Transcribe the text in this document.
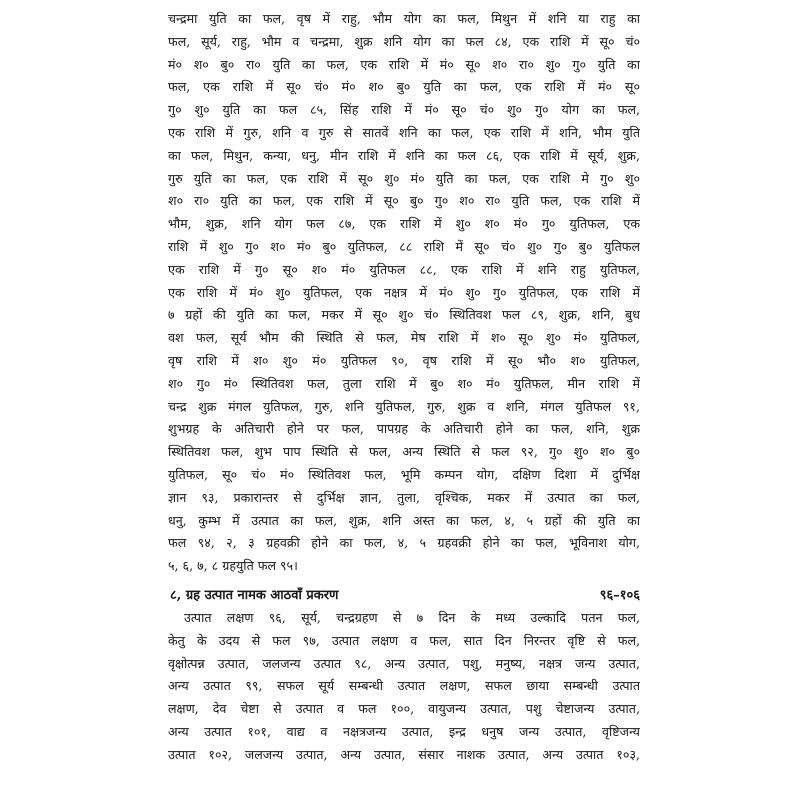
चन्द्रमा युति का फल, वृष में राहु, भौम योग का फल, मिथुन में शनि या राहु का
फल, सूर्य, राहु, भौम व चन्द्रमा, शुक्र शनि योग का फल ८४, एक राशि में सू० चं०
मं० श० बु० रा० युति का फल, एक राशि में मं० सू० श० रा० शु० गु० युति का
फल, एक राशि में सू० चं० मं० श० बु० युति का फल, एक राशि में मं० सू०
गु० शु० युति का फल ८५, सिंह राशि में मं० सू० चं० शु० गु० योग का फल,
एक राशि में गुरु, शनि व गुरु से सातवें शनि का फल, एक राशि में शनि, भौम युति
का फल, मिथुन, कन्या, धनु, मीन राशि में शनि का फल ८६, एक राशि में सूर्य, शुक्र,
गुरु युति का फल, एक राशि में सू० शु० मं० युति का फल, एक राशि मे गु० शु०
श० रा० युति का फल, एक राशि में सू० बु० गु० श० रा० युति फल, एक राशि में
भौम, शुक्र, शनि योग फल ८७, एक राशि में शु० श० मं० गु० युतिफल, एक
राशि में शु० गु० श० मं० बु० युतिफल, ८८ राशि में सू० चं० शु० गु० बु० युतिफल
एक राशि में गु० सू० श० मं० युतिफल ८८, एक राशि में शनि राहु युतिफल,
एक राशि में मं० शु० युतिफल, एक नक्षत्र में मं० शु० गु० युतिफल, एक राशि में
७ ग्रहों की युति का फल, मकर में सू० शु० चं० स्थितिवश फल ८९, शुक्र, शनि, बुध
वश फल, सूर्य भौम की स्थिति से फल, मेष राशि में श० सू० शु० मं० युतिफल,
वृष राशि में श० शु० मं० युतिफल ९०, वृष राशि में सू० भौ० श० युतिफल,
श० गु० मं० स्थितिवश फल, तुला राशि में बु० श० मं० युतिफल, मीन राशि में
चन्द्र शुक्र मंगल युतिफल, गुरु, शनि युतिफल, गुरु, शुक्र व शनि, मंगल युतिफल ९१,
शुभग्रह के अतिचारी होने पर फल, पापग्रह के अतिचारी होने का फल, शनि, शुक्र
स्थितिवश फल, शुभ पाप स्थिति से फल, अन्य स्थिति से फल ९२, गु० शु० श० बु०
युतिफल, सू० चं० मं० स्थितिवश फल, भूमि कम्पन योग, दक्षिण दिशा में दुर्भिक्ष
ज्ञान ९३, प्रकारान्तर से दुर्भिक्ष ज्ञान, तुला, वृश्चिक, मकर में उत्पात का फल,
धनु, कुम्भ में उत्पात का फल, शुक्र, शनि अस्त का फल, ४, ५ ग्रहों की युति का
फल ९४, २, ३ ग्रहवक्री होने का फल, ४, ५ ग्रहवक्री होने का फल, भूविनाश योग,
५, ६, ७, ८ ग्रहयुति फल ९५।
८, ग्रह उत्पात नामक आठवाँ प्रकरण	९६–१०६
उत्पात लक्षण ९६, सूर्य, चन्द्रग्रहण से ७ दिन के मध्य उल्कादि पतन फल,
केतु के उदय से फल ९७, उत्पात लक्षण व फल, सात दिन निरन्तर वृष्टि से फल,
वृक्षोत्पन्न उत्पात, जलजन्य उत्पात ९८, अन्य उत्पात, पशु, मनुष्य, नक्षत्र जन्य उत्पात,
अन्य उत्पात ९९, सफल सूर्य सम्बन्धी उत्पात लक्षण, सफल छाया सम्बन्धी उत्पात
लक्षण, देव चेष्टा से उत्पात व फल १००, वायुजन्य उत्पात, पशु चेष्टाजन्य उत्पात,
अन्य उत्पात १०१, वाद्य व नक्षत्रजन्य उत्पात, इन्द्र धनुष जन्य उत्पात, वृष्टिजन्य
उत्पात १०२, जलजन्य उत्पात, अन्य उत्पात, संसार नाशक उत्पात, अन्य उत्पात १०३,
